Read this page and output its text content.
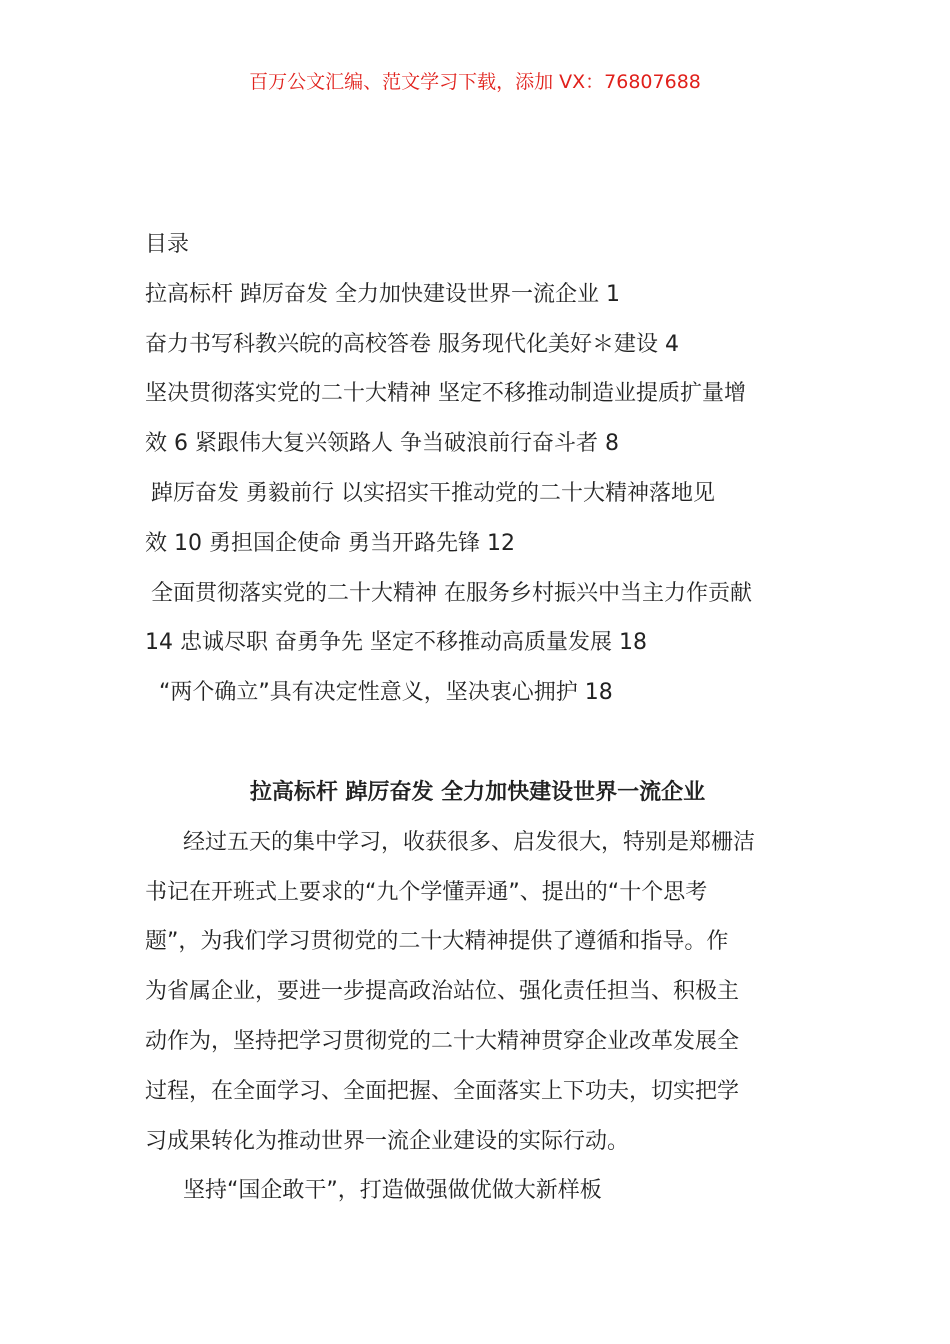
百万公文汇编、范文学习下载，添加 VX：76807688
目录
拉高标杆 踔厉奋发 全力加快建设世界一流企业 1
奋力书写科教兴皖的高校答卷 服务现代化美好＊建设 4
坚决贯彻落实党的二十大精神 坚定不移推动制造业提质扩量增
效 6 紧跟伟大复兴领路人 争当破浪前行奋斗者 8
踔厉奋发 勇毅前行 以实招实干推动党的二十大精神落地见
效 10 勇担国企使命 勇当开路先锋 12
全面贯彻落实党的二十大精神 在服务乡村振兴中当主力作贡献
14 忠诚尽职 奋勇争先 坚定不移推动高质量发展 18
“两个确立”具有决定性意义，坚决衷心拥护 18
拉高标杆 踔厉奋发 全力加快建设世界一流企业
经过五天的集中学习，收获很多、启发很大，特别是郑栅洁
书记在开班式上要求的“九个学懂弄通”、提出的“十个思考
题”，为我们学习贯彻党的二十大精神提供了遵循和指导。作
为省属企业，要进一步提高政治站位、强化责任担当、积极主
动作为，坚持把学习贯彻党的二十大精神贯穿企业改革发展全
过程，在全面学习、全面把握、全面落实上下功夫，切实把学
习成果转化为推动世界一流企业建设的实际行动。
坚持“国企敢干”，打造做强做优做大新样板
